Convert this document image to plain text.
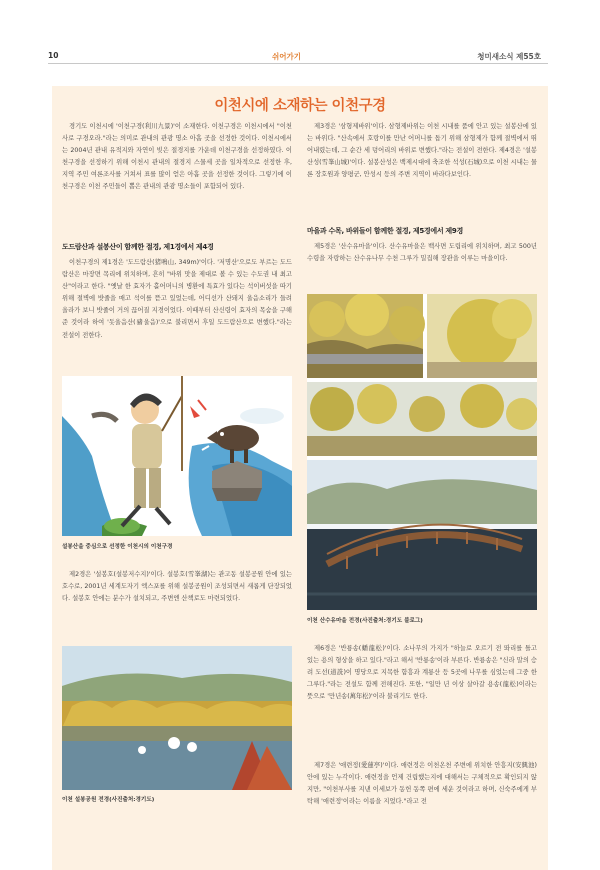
10	쉬어가기	청미새소식 제55호
이천시에 소재하는 이천구경

경기도 이천시에 '이천구경(利川九景)'이 소재한다. 이천구경은 이천시에서 "이천사로 구경오라."라는 의미로 관내의 관광 명소 아홉 곳을 선정한 것이다. 이천시에서는 2004년 관내 유적지와 자연이 빚은 절경지를 가운데 이천구경을 선정하였다. 이천구경을 선정하기 위해 이천시 관내의 절경지 스물세 곳을 일차적으로 선정한 후, 지역 주민 여론조사를 거쳐서 표를 많이 얻은 아홉 곳을 선정한 것이다. 그렇기에 이천구경은 이천 주민들이 뽑은 관내의 관광 명소들이 포함되어 있다.

도드람산과 설봉산이 함께한 절경, 제1경에서 제4경

이천구경의 제1경은 '도드람산(猪鳴山, 349m)'이다. '저명산'으로도 부르는 도드람산은 마장면 목리에 위치하며, 흔히 "바위 맛을 제대로 볼 수 있는 수도권 내 최고 산"이라고 한다. "옛날 한 효자가 홀어머니의 병환에 특효가 있다는 석이버섯을 따기 위해 절벽에 밧줄을 매고 석이를 뜯고 있었는데, 어디선가 산돼지 울음소리가 들려 올라가 보니 밧줄이 거의 끊어질 지경이었다. 이때부터 산신령이 효자의 목숨을 구해준 것이라 하여 '돗울음산(豬울음)'으로 불리면서 후일 도드람산으로 변했다."라는 전설이 전한다.

설봉산을 중심으로 선정한 이천시의 이천구경

제2경은 '설봉호(설봉저수지)'이다. 설봉호(雪峯湖)는 관고동 설봉공원 안에 있는 호수로, 2001년 세계도자기 엑스포를 위해 설봉공원이 조성되면서 새롭게 단장되었다. 설봉호 안에는 분수가 설치되고, 주변엔 산책로도 마련되었다.

이천 설봉공원 전경(사진출처:경기도)

제3경은 '삼형제바위'이다. 삼형제바위는 이천 시내를 품에 안고 있는 설봉산에 있는 바위다. "산속에서 호랑이를 만난 어머니를 돕기 위해 삼형제가 함께 절벽에서 뛰어내렸는데, 그 순간 세 덩어리의 바위로 변했다."라는 전설이 전한다. 제4경은 '설봉산성(雪峯山城)'이다. 설봉산성은 백제시대에 축조한 석성(石城)으로 이천 시내는 물론 장호원과 양평군, 안성시 등의 주변 지역이 바라다보인다.

마을과 수목, 바위들이 함께한 절경, 제5경에서 제9경

제5경은 '산수유마을'이다. 산수유마을은 백사면 도립리에 위치하며, 최고 500년 수령을 자랑하는 산수유나무 수천 그루가 밀집해 장관을 이루는 마을이다.

이천 산수유마을 전경(사진출처:경기도 블로그)

제6경은 '반룡송(蟠龍松)'이다. 소나무의 가지가 "하늘로 오르기 전 똬리를 틀고 있는 용의 형상을 하고 있다."라고 해서 '반룡송'이라 부른다. 반룡송은 "신라 말의 승려 도선(道詵)이 명당으로 지목한 함흥과 계룡산 등 5곳에 나무를 심었는데 그중 한 그루다."라는 전설도 함께 전해진다. 또한, "일만 년 이상 살아갈 용송(龍松)이라는 뜻으로 '만년송(萬年松)'이라 불리기도 한다.

제7경은 '애련정(愛蓮亭)'이다. 애련정은 이천온천 주변에 위치한 안흥지(安興池) 안에 있는 누각이다. 애련정을 언제 건립했는지에 대해서는 구체적으로 확인되지 않지만, "이천부사를 지낸 이세보가 동헌 동쪽 편에 세운 것이라고 하며, 신숙주에게 부탁해 '애련정'이라는 이름을 지었다."라고 전
